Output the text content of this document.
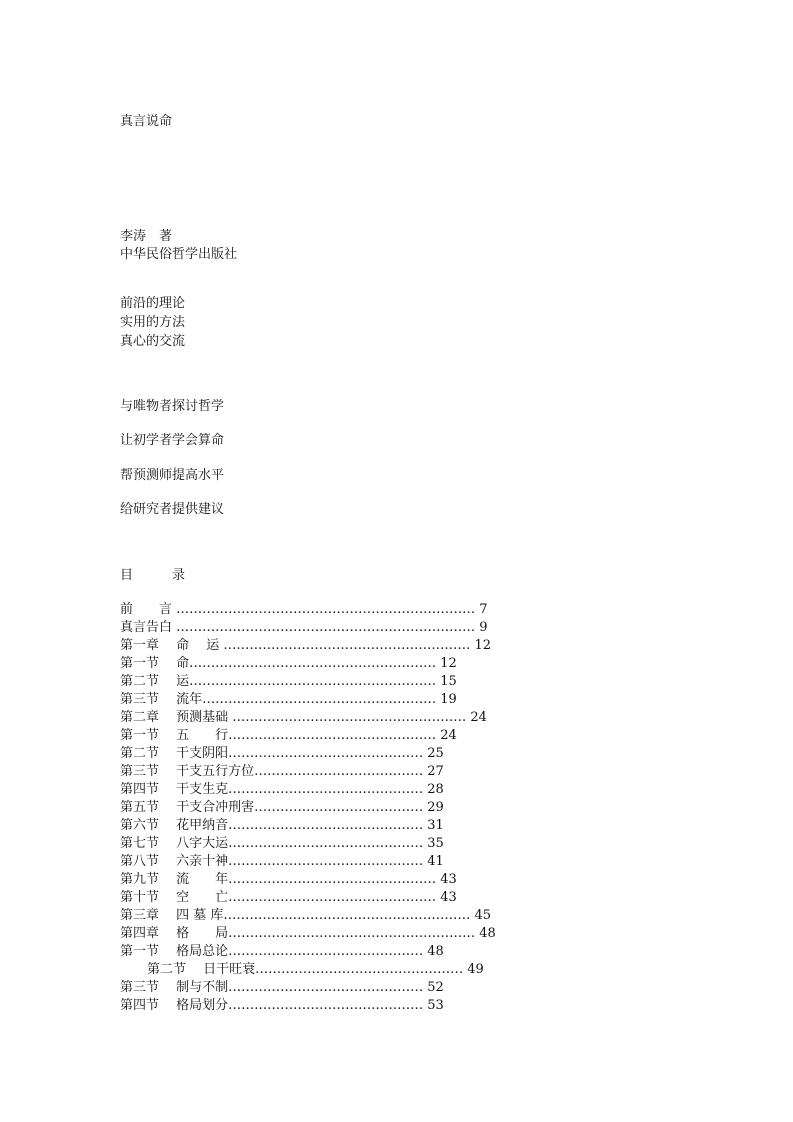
真言说命
李涛　著
中华民俗哲学出版社
前沿的理论
实用的方法
真心的交流
与唯物者探讨哲学
让初学者学会算命
帮预测师提高水平
给研究者提供建议
目　　　录
前　　言 …………………………………………………………… 7
真言告白 …………………………………………………………… 9
第一章　 命　 运 ………………………………………………… 12
第一节　 命………………………………………………… 12
第二节　 运………………………………………………… 15
第三节　 流年……………………………………………… 19
第二章　 预测基础 ……………………………………………… 24
第一节　 五　　行………………………………………… 24
第二节　 干支阴阳……………………………………… 25
第三节　 干支五行方位………………………………… 27
第四节　 干支生克……………………………………… 28
第五节　 干支合冲刑害………………………………… 29
第六节　 花甲纳音……………………………………… 31
第七节　 八字大运……………………………………… 35
第八节　 六亲十神……………………………………… 41
第九节　 流　　年………………………………………… 43
第十节　 空　　亡………………………………………… 43
第三章　 四 墓 库………………………………………………… 45
第四章　 格　　局………………………………………………… 48
第一节　 格局总论……………………………………… 48
第二节　 日干旺衰………………………………………… 49
第三节　 制与不制……………………………………… 52
第四节　 格局划分……………………………………… 53
